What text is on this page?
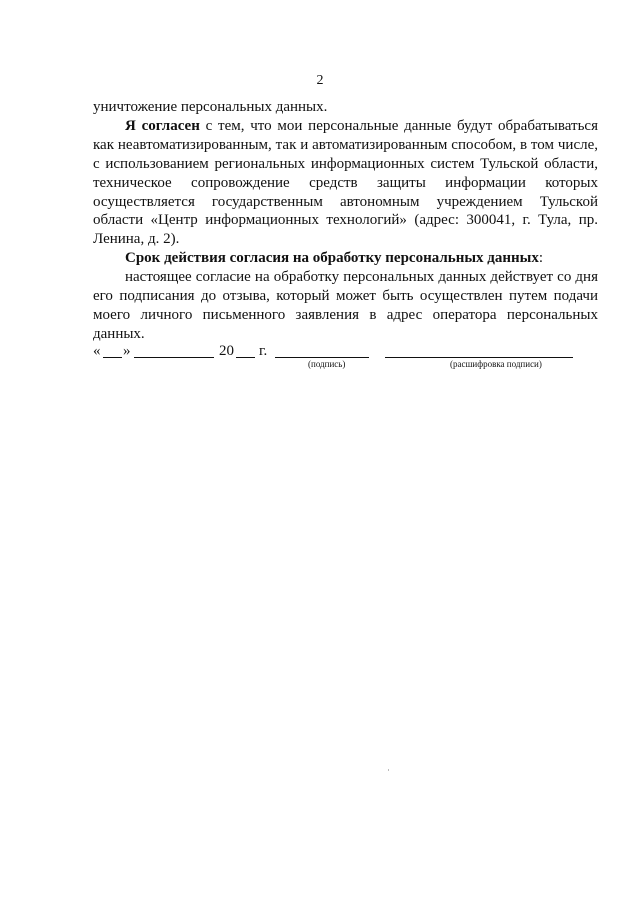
2

уничтожение персональных данных.

Я согласен с тем, что мои персональные данные будут обрабатываться как неавтоматизированным, так и автоматизированным способом, в том числе, с использованием региональных информационных систем Тульской области, техническое сопровождение средств защиты информации которых осуществляется государственным автономным учреждением Тульской области «Центр информационных технологий» (адрес: 300041, г. Тула, пр. Ленина, д. 2).

Срок действия согласия на обработку персональных данных:

настоящее согласие на обработку персональных данных действует со дня его подписания до отзыва, который может быть осуществлен путем подачи моего личного письменного заявления в адрес оператора персональных данных.

« »	20 г.
(подпись)	(расшифровка подписи)
